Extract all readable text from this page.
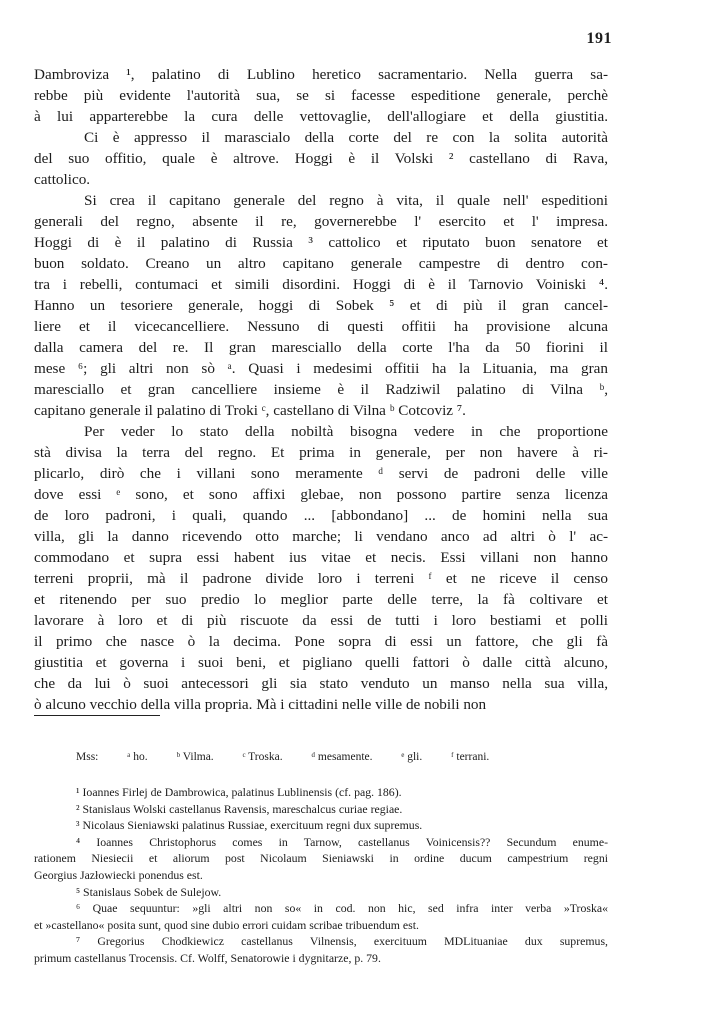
191
Dambroviza ¹, palatino di Lublino heretico sacramentario. Nella guerra sa-
rebbe più evidente l'autorità sua, se si facesse espeditione generale, perchè
à lui apparterebbe la cura delle vettovaglie, dell'allogiare et della giustitia.
Ci è appresso il marascialo della corte del re con la solita autorità
del suo offitio, quale è altrove. Hoggi è il Volski ² castellano di Rava,
cattolico.
Si crea il capitano generale del regno à vita, il quale nell' espeditioni
generali del regno, absente il re, governerebbe l' esercito et l' impresa.
Hoggi di è il palatino di Russia ³ cattolico et riputato buon senatore et
buon soldato. Creano un altro capitano generale campestre di dentro con-
tra i rebelli, contumaci et simili disordini. Hoggi di è il Tarnovio Voiniski ⁴.
Hanno un tesoriere generale, hoggi di Sobek ⁵ et di più il gran cancel-
liere et il vicecancelliere. Nessuno di questi offitii ha provisione alcuna
dalla camera del re. Il gran maresciallo della corte l'ha da 50 fiorini il
mese ⁶; gli altri non sò ᵃ. Quasi i medesimi offitii ha la Lituania, ma gran
maresciallo et gran cancelliere insieme è il Radziwil palatino di Vilna ᵇ,
capitano generale il palatino di Troki ᶜ, castellano di Vilna ᵇ Cotcoviz ⁷.
Per veder lo stato della nobiltà bisogna vedere in che proportione
stà divisa la terra del regno. Et prima in generale, per non havere à ri-
plicarlo, dirò che i villani sono meramente ᵈ servi de padroni delle ville
dove essi ᵉ sono, et sono affixi glebae, non possono partire senza licenza
de loro padroni, i quali, quando ... [abbondano] ... de homini nella sua
villa, gli la danno ricevendo otto marche; li vendano anco ad altri ò l' ac-
commodano et supra essi habent ius vitae et necis. Essi villani non hanno
terreni proprii, mà il padrone divide loro i terreni ᶠ et ne riceve il censo
et ritenendo per suo predio lo meglior parte delle terre, la fà coltivare et
lavorare à loro et di più riscuote da essi de tutti i loro bestiami et polli
il primo che nasce ò la decima. Pone sopra di essi un fattore, che gli fà
giustitia et governa i suoi beni, et pigliano quelli fattori ò dalle città alcuno,
che da lui ò suoi antecessori gli sia stato venduto un manso nella sua villa,
ò alcuno vecchio della villa propria. Mà i cittadini nelle ville de nobili non
Mss:	ᵃ ho.	ᵇ Vilma.	ᶜ Troska.	ᵈ mesamente.	ᵉ gli.	ᶠ terrani.
¹ Ioannes Firlej de Dambrowica, palatinus Lublinensis (cf. pag. 186).
² Stanislaus Wolski castellanus Ravensis, mareschalcus curiae regiae.
³ Nicolaus Sieniawski palatinus Russiae, exercituum regni dux supremus.
⁴ Ioannes Christophorus comes in Tarnow, castellanus Voinicensis?? Secundum enume-
rationem Niesiecii et aliorum post Nicolaum Sieniawski in ordine ducum campestrium regni
Georgius Jazłowiecki ponendus est.
⁵ Stanislaus Sobek de Sulejow.
⁶ Quae sequuntur: »gli altri non so« in cod. non hic, sed infra inter verba »Troska«
et »castellano« posita sunt, quod sine dubio errori cuidam scribae tribuendum est.
⁷ Gregorius Chodkiewicz castellanus Vilnensis, exercituum MDLituaniae dux supremus,
primum castellanus Trocensis. Cf. Wolff, Senatorowie i dygnitarze, p. 79.
